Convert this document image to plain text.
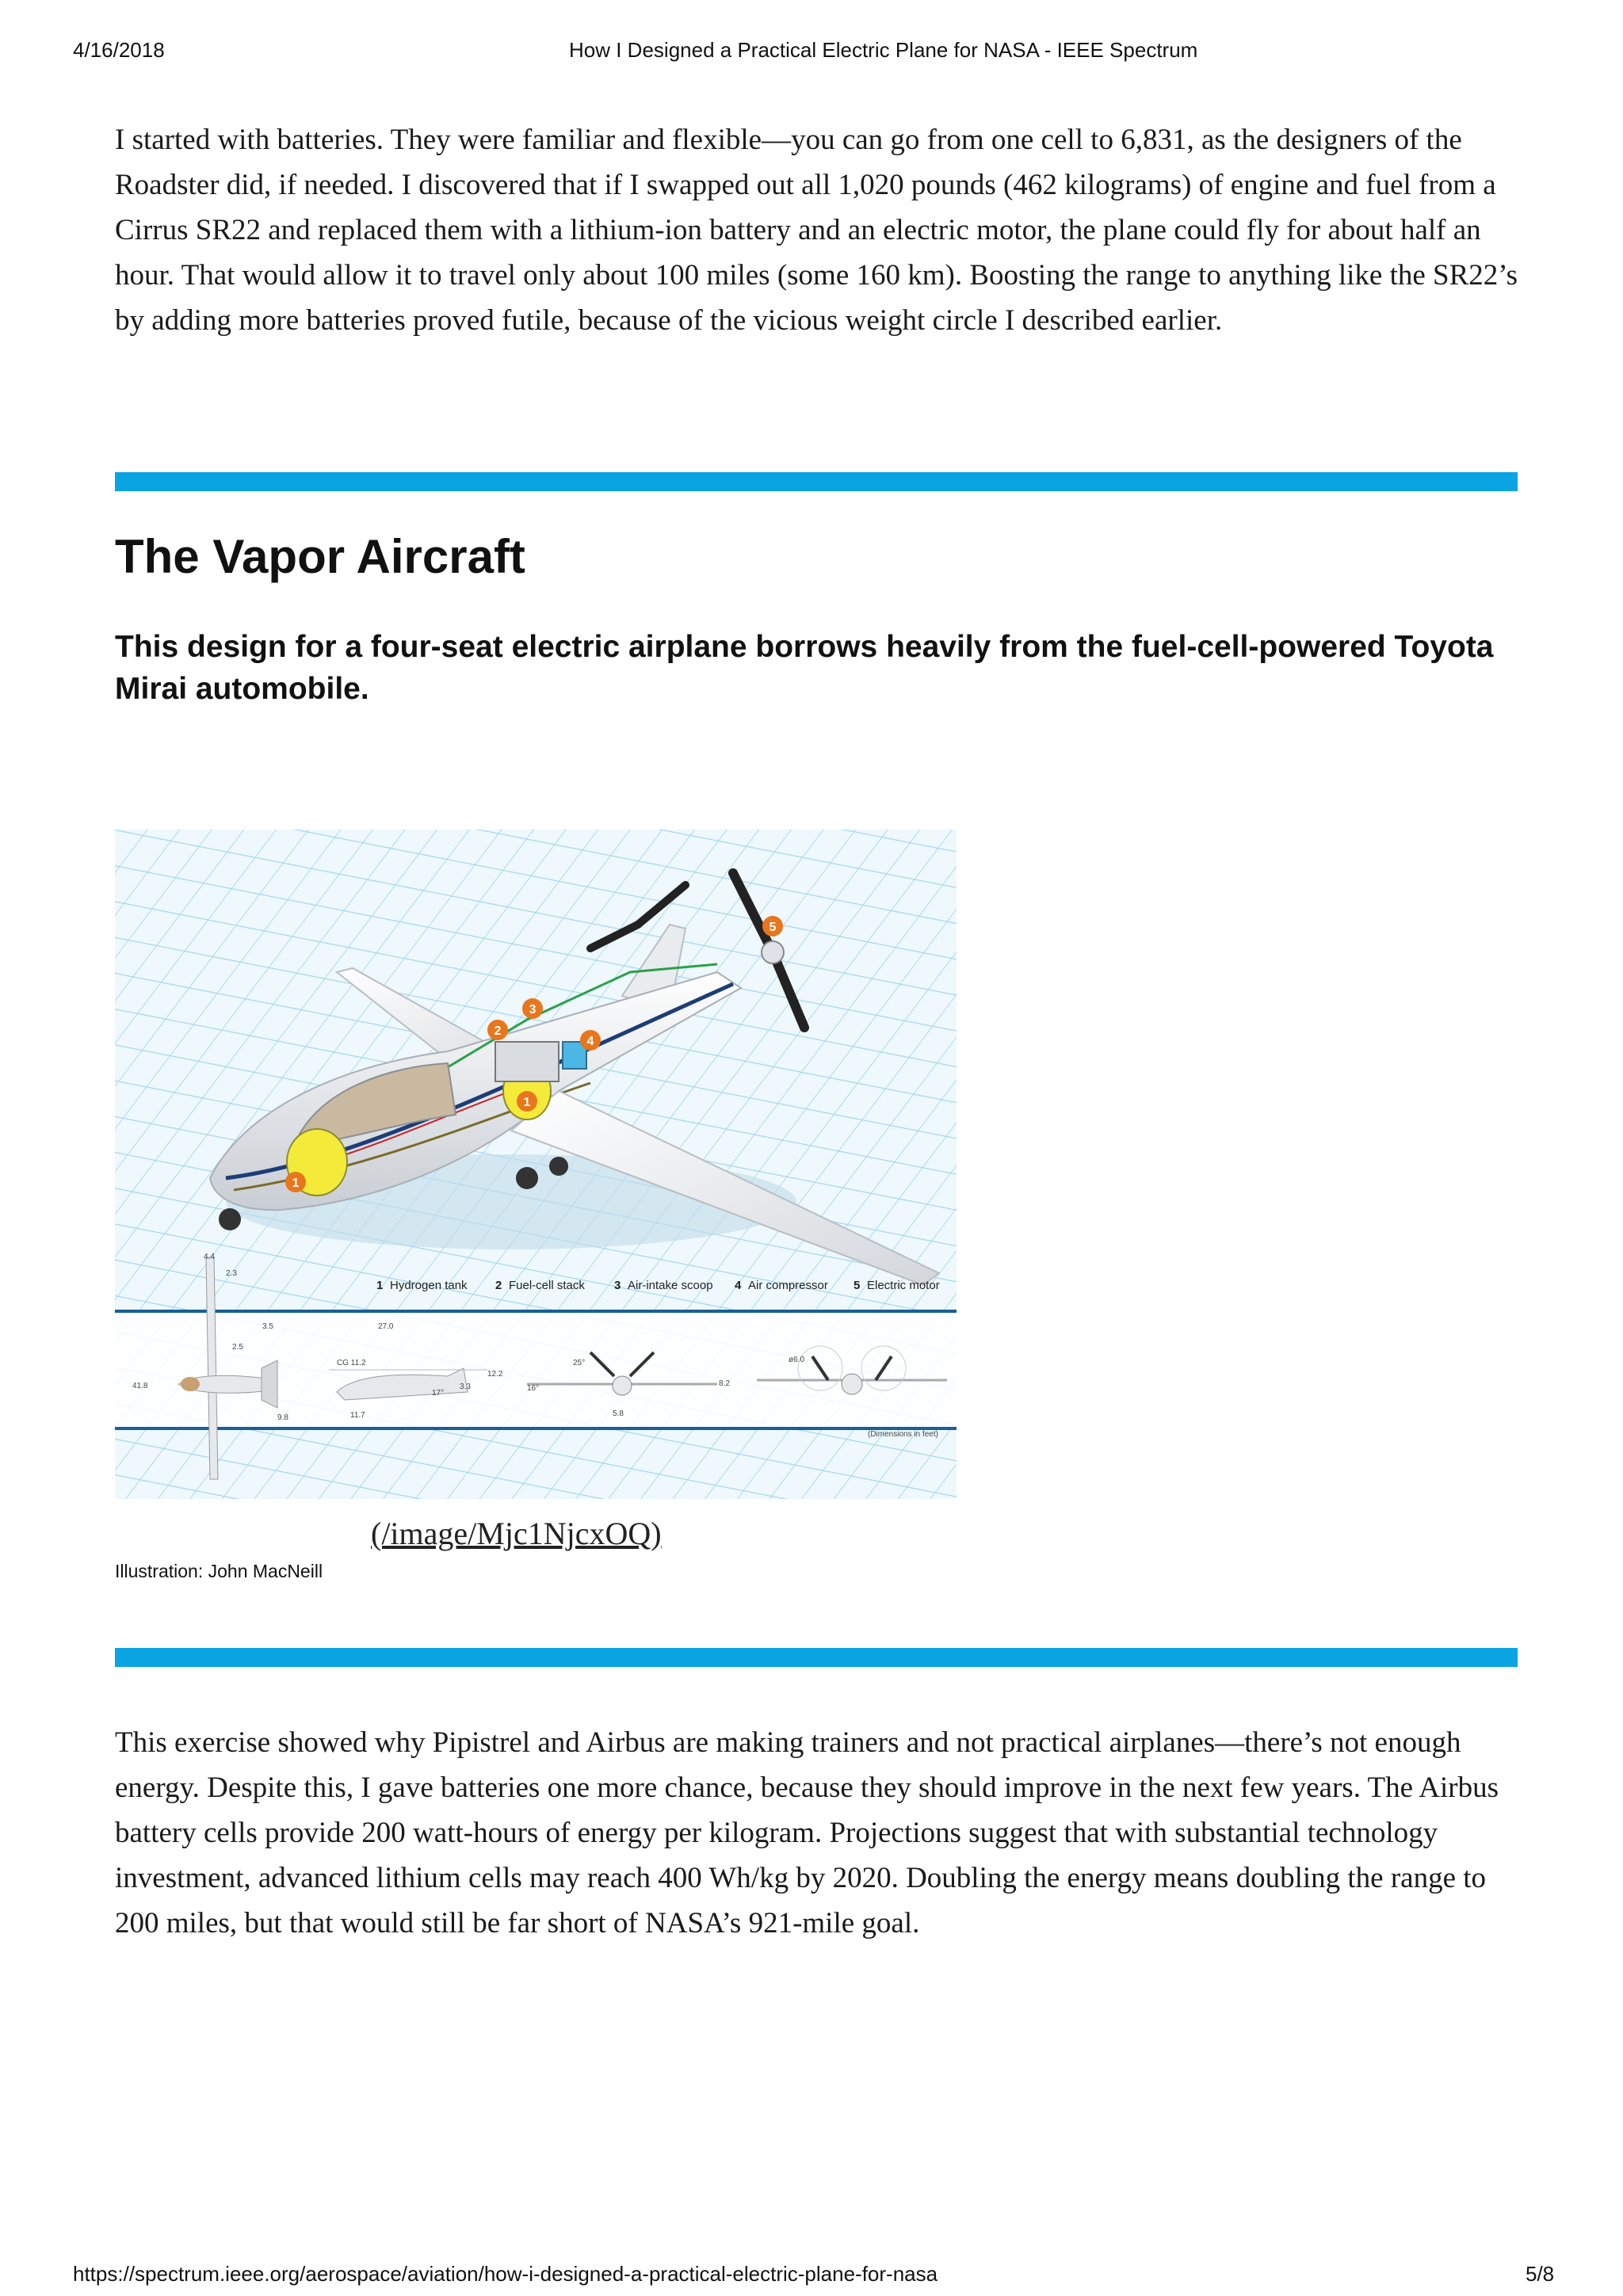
4/16/2018	How I Designed a Practical Electric Plane for NASA - IEEE Spectrum
I started with batteries. They were familiar and flexible—you can go from one cell to 6,831, as the designers of the Roadster did, if needed. I discovered that if I swapped out all 1,020 pounds (462 kilograms) of engine and fuel from a Cirrus SR22 and replaced them with a lithium-ion battery and an electric motor, the plane could fly for about half an hour. That would allow it to travel only about 100 miles (some 160 km). Boosting the range to anything like the SR22’s by adding more batteries proved futile, because of the vicious weight circle I described earlier.
The Vapor Aircraft
This design for a four-seat electric airplane borrows heavily from the fuel-cell-powered Toyota Mirai automobile.
1
1
2
3
4
5
1 Hydrogen tank 2 Fuel-cell stack 3 Air-intake scoop 4 Air compressor 5 Electric motor
4.4
2.3
41.8
3.5
2.5
9.8
27.0
CG 11.2
12.2
3.3
11.7
17°
25°
16°
8.2
5.8
ø6.0
(Dimensions in feet)
(/image/Mjc1NjcxOQ)
Illustration: John MacNeill
This exercise showed why Pipistrel and Airbus are making trainers and not practical airplanes—there’s not enough energy. Despite this, I gave batteries one more chance, because they should improve in the next few years. The Airbus battery cells provide 200 watt-hours of energy per kilogram. Projections suggest that with substantial technology investment, advanced lithium cells may reach 400 Wh/kg by 2020. Doubling the energy means doubling the range to 200 miles, but that would still be far short of NASA’s 921-mile goal.
https://spectrum.ieee.org/aerospace/aviation/how-i-designed-a-practical-electric-plane-for-nasa	5/8
